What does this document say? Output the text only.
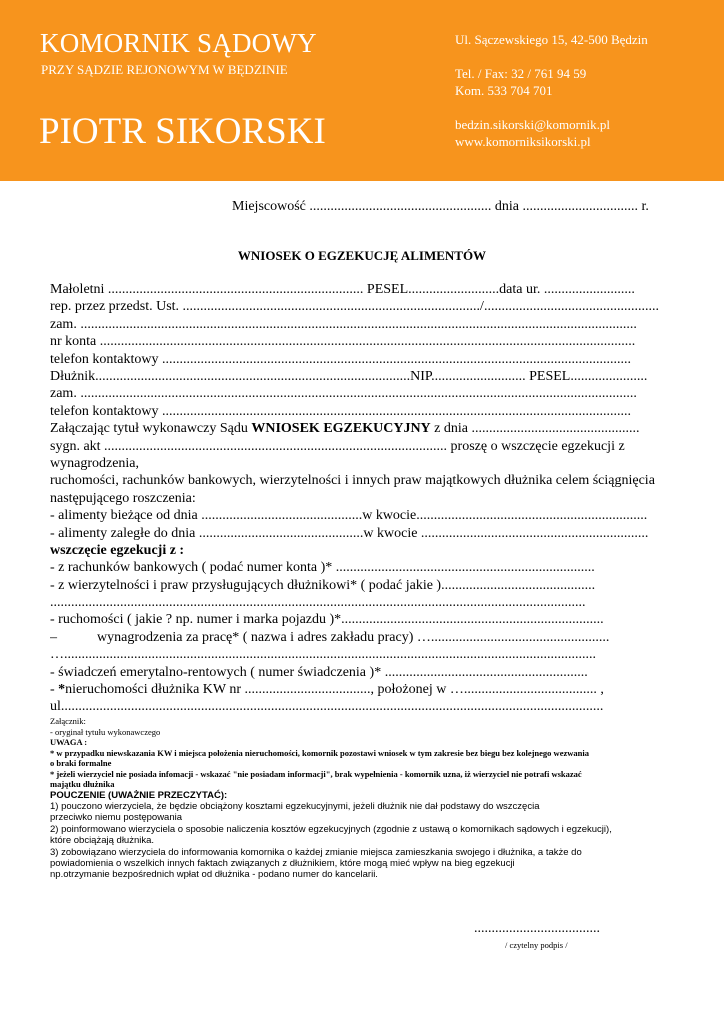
KOMORNIK SĄDOWY
PRZY SĄDZIE REJONOWYM W BĘDZINIE
PIOTR SIKORSKI
Ul. Sączewskiego 15, 42-500 Będzin
Tel. / Fax: 32 / 761 94 59
Kom. 533 704 701
bedzin.sikorski@komornik.pl
www.komorniksikorski.pl
Miejscowość .................................................... dnia ................................. r.
WNIOSEK O EGZEKUCJĘ ALIMENTÓW
Małoletni ......................................................................... PESEL..........................data ur. ..........................
rep. przez przedst. Ust. ...................................................................................../..................................................
zam. ...............................................................................................................................................................
nr konta .........................................................................................................................................................
telefon kontaktowy ......................................................................................................................................
Dłużnik..........................................................................................NIP........................... PESEL......................
zam. ...............................................................................................................................................................
telefon kontaktowy ......................................................................................................................................
Załączając tytuł wykonawczy Sądu WNIOSEK EGZEKUCYJNY z dnia ................................................
sygn. akt .................................................................................................. proszę o wszczęcie egzekucji z wynagrodzenia,
ruchomości, rachunków bankowych, wierzytelności i innych praw majątkowych dłużnika celem ściągnięcia
następującego roszczenia:
- alimenty bieżące od dnia ..............................................w kwocie..................................................................
- alimenty zaległe do dnia ...............................................w kwocie .................................................................
wszczęcie egzekucji z :
- z rachunków bankowych ( podać numer konta )* ..........................................................................
- z wierzytelności i praw przysługujących dłużnikowi* ( podać jakie )............................................
.........................................................................................................................................................
- ruchomości ( jakie ? np. numer i marka pojazdu )*...........................................................................
–	wynagrodzenia za pracę* ( nazwa i adres zakładu pracy) …...................................................
…........................................................................................................................................................
- świadczeń emerytalno-rentowych ( numer świadczenia )* ..........................................................
- *nieruchomości dłużnika KW nr ...................................., położonej w …...................................... ,
ul...........................................................................................................................................................
Załącznik:
- oryginał tytułu wykonawczego
UWAGA :
* w przypadku niewskazania KW i miejsca położenia nieruchomości, komornik pozostawi wniosek w tym zakresie bez biegu bez kolejnego wezwania
o braki formalne
* jeżeli wierzyciel nie posiada infomacji - wskazać "nie posiadam informacji", brak wypełnienia - komornik uzna, iż wierzyciel nie potrafi wskazać
majątku dłużnika
POUCZENIE (UWAŻNIE PRZECZYTAĆ):
1) pouczono wierzyciela, że będzie obciążony kosztami egzekucyjnymi, jeżeli dłużnik nie dał podstawy do wszczęcia
przeciwko niemu postępowania
2) poinformowano wierzyciela o sposobie naliczenia kosztów egzekucyjnych (zgodnie z ustawą o komornikach sądowych i egzekucji),
które obciążają dłużnika.
3) zobowiązano wierzyciela do informowania komornika o każdej zmianie miejsca zamieszkania swojego i dłużnika, a także do
powiadomienia o wszelkich innych faktach związanych z dłużnikiem, które mogą mieć wpływ na bieg egzekucji
np.otrzymanie bezpośrednich wpłat od dłużnika - podano numer do kancelarii.
....................................
/ czytelny podpis /
